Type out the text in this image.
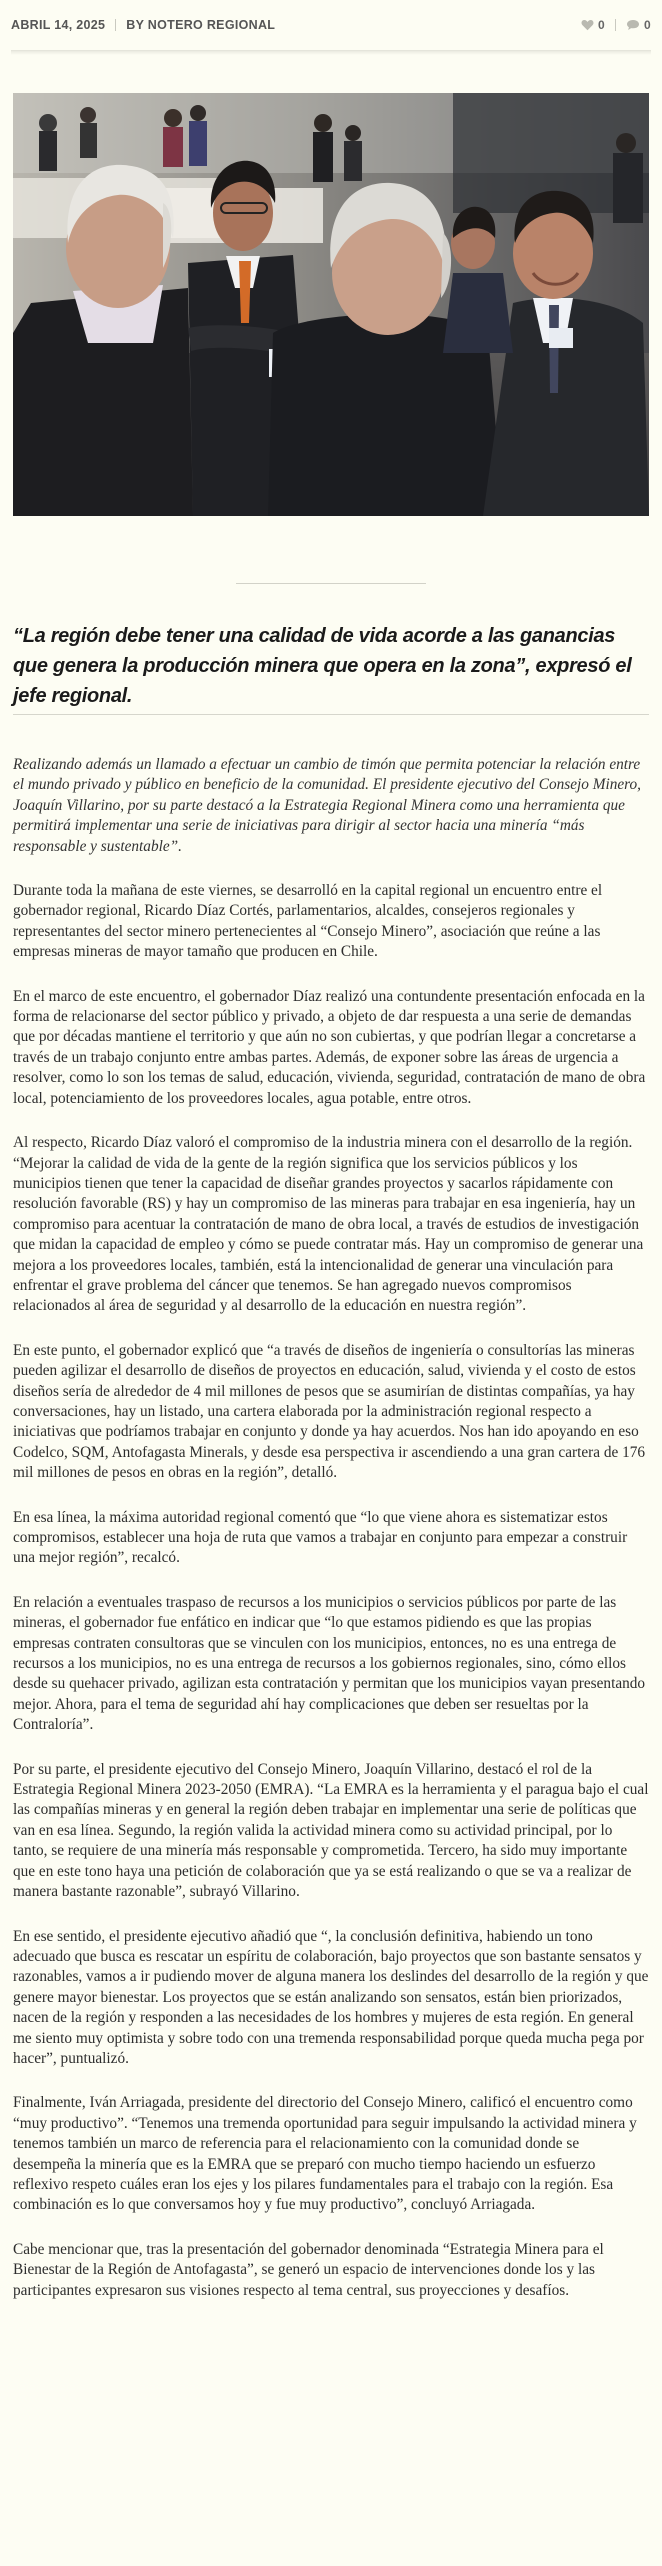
ABRIL 14, 2025 BY NOTERO REGIONAL	0	0
“La región debe tener una calidad de vida acorde a las ganancias que genera la producción minera que opera en la zona”, expresó el jefe regional.

Realizando además un llamado a efectuar un cambio de timón que permita potenciar la relación entre el mundo privado y público en beneficio de la comunidad. El presidente ejecutivo del Consejo Minero, Joaquín Villarino, por su parte destacó a la Estrategia Regional Minera como una herramienta que permitirá implementar una serie de iniciativas para dirigir al sector hacia una minería “más responsable y sustentable”.

Durante toda la mañana de este viernes, se desarrolló en la capital regional un encuentro entre el gobernador regional, Ricardo Díaz Cortés, parlamentarios, alcaldes, consejeros regionales y representantes del sector minero pertenecientes al “Consejo Minero”, asociación que reúne a las empresas mineras de mayor tamaño que producen en Chile.

En el marco de este encuentro, el gobernador Díaz realizó una contundente presentación enfocada en la forma de relacionarse del sector público y privado, a objeto de dar respuesta a una serie de demandas que por décadas mantiene el territorio y que aún no son cubiertas, y que podrían llegar a concretarse a través de un trabajo conjunto entre ambas partes. Además, de exponer sobre las áreas de urgencia a resolver, como lo son los temas de salud, educación, vivienda, seguridad, contratación de mano de obra local, potenciamiento de los proveedores locales, agua potable, entre otros.

Al respecto, Ricardo Díaz valoró el compromiso de la industria minera con el desarrollo de la región. “Mejorar la calidad de vida de la gente de la región significa que los servicios públicos y los municipios tienen que tener la capacidad de diseñar grandes proyectos y sacarlos rápidamente con resolución favorable (RS) y hay un compromiso de las mineras para trabajar en esa ingeniería, hay un compromiso para acentuar la contratación de mano de obra local, a través de estudios de investigación que midan la capacidad de empleo y cómo se puede contratar más. Hay un compromiso de generar una mejora a los proveedores locales, también, está la intencionalidad de generar una vinculación para enfrentar el grave problema del cáncer que tenemos. Se han agregado nuevos compromisos relacionados al área de seguridad y al desarrollo de la educación en nuestra región”.

En este punto, el gobernador explicó que “a través de diseños de ingeniería o consultorías las mineras pueden agilizar el desarrollo de diseños de proyectos en educación, salud, vivienda y el costo de estos diseños sería de alrededor de 4 mil millones de pesos que se asumirían de distintas compañías, ya hay conversaciones, hay un listado, una cartera elaborada por la administración regional respecto a iniciativas que podríamos trabajar en conjunto y donde ya hay acuerdos. Nos han ido apoyando en eso Codelco, SQM, Antofagasta Minerals, y desde esa perspectiva ir ascendiendo a una gran cartera de 176 mil millones de pesos en obras en la región”, detalló.

En esa línea, la máxima autoridad regional comentó que “lo que viene ahora es sistematizar estos compromisos, establecer una hoja de ruta que vamos a trabajar en conjunto para empezar a construir una mejor región”, recalcó.

En relación a eventuales traspaso de recursos a los municipios o servicios públicos por parte de las mineras, el gobernador fue enfático en indicar que “lo que estamos pidiendo es que las propias empresas contraten consultoras que se vinculen con los municipios, entonces, no es una entrega de recursos a los municipios, no es una entrega de recursos a los gobiernos regionales, sino, cómo ellos desde su quehacer privado, agilizan esta contratación y permitan que los municipios vayan presentando mejor. Ahora, para el tema de seguridad ahí hay complicaciones que deben ser resueltas por la Contraloría”.

Por su parte, el presidente ejecutivo del Consejo Minero, Joaquín Villarino, destacó el rol de la Estrategia Regional Minera 2023-2050 (EMRA). “La EMRA es la herramienta y el paragua bajo el cual las compañías mineras y en general la región deben trabajar en implementar una serie de políticas que van en esa línea. Segundo, la región valida la actividad minera como su actividad principal, por lo tanto, se requiere de una minería más responsable y comprometida. Tercero, ha sido muy importante que en este tono haya una petición de colaboración que ya se está realizando o que se va a realizar de manera bastante razonable”, subrayó Villarino.

En ese sentido, el presidente ejecutivo añadió que “, la conclusión definitiva, habiendo un tono adecuado que busca es rescatar un espíritu de colaboración, bajo proyectos que son bastante sensatos y razonables, vamos a ir pudiendo mover de alguna manera los deslindes del desarrollo de la región y que genere mayor bienestar. Los proyectos que se están analizando son sensatos, están bien priorizados, nacen de la región y responden a las necesidades de los hombres y mujeres de esta región. En general me siento muy optimista y sobre todo con una tremenda responsabilidad porque queda mucha pega por hacer”, puntualizó.

Finalmente, Iván Arriagada, presidente del directorio del Consejo Minero, calificó el encuentro como “muy productivo”. “Tenemos una tremenda oportunidad para seguir impulsando la actividad minera y tenemos también un marco de referencia para el relacionamiento con la comunidad donde se desempeña la minería que es la EMRA que se preparó con mucho tiempo haciendo un esfuerzo reflexivo respeto cuáles eran los ejes y los pilares fundamentales para el trabajo con la región. Esa combinación es lo que conversamos hoy y fue muy productivo”, concluyó Arriagada.

Cabe mencionar que, tras la presentación del gobernador denominada “Estrategia Minera para el Bienestar de la Región de Antofagasta”, se generó un espacio de intervenciones donde los y las participantes expresaron sus visiones respecto al tema central, sus proyecciones y desafíos.
